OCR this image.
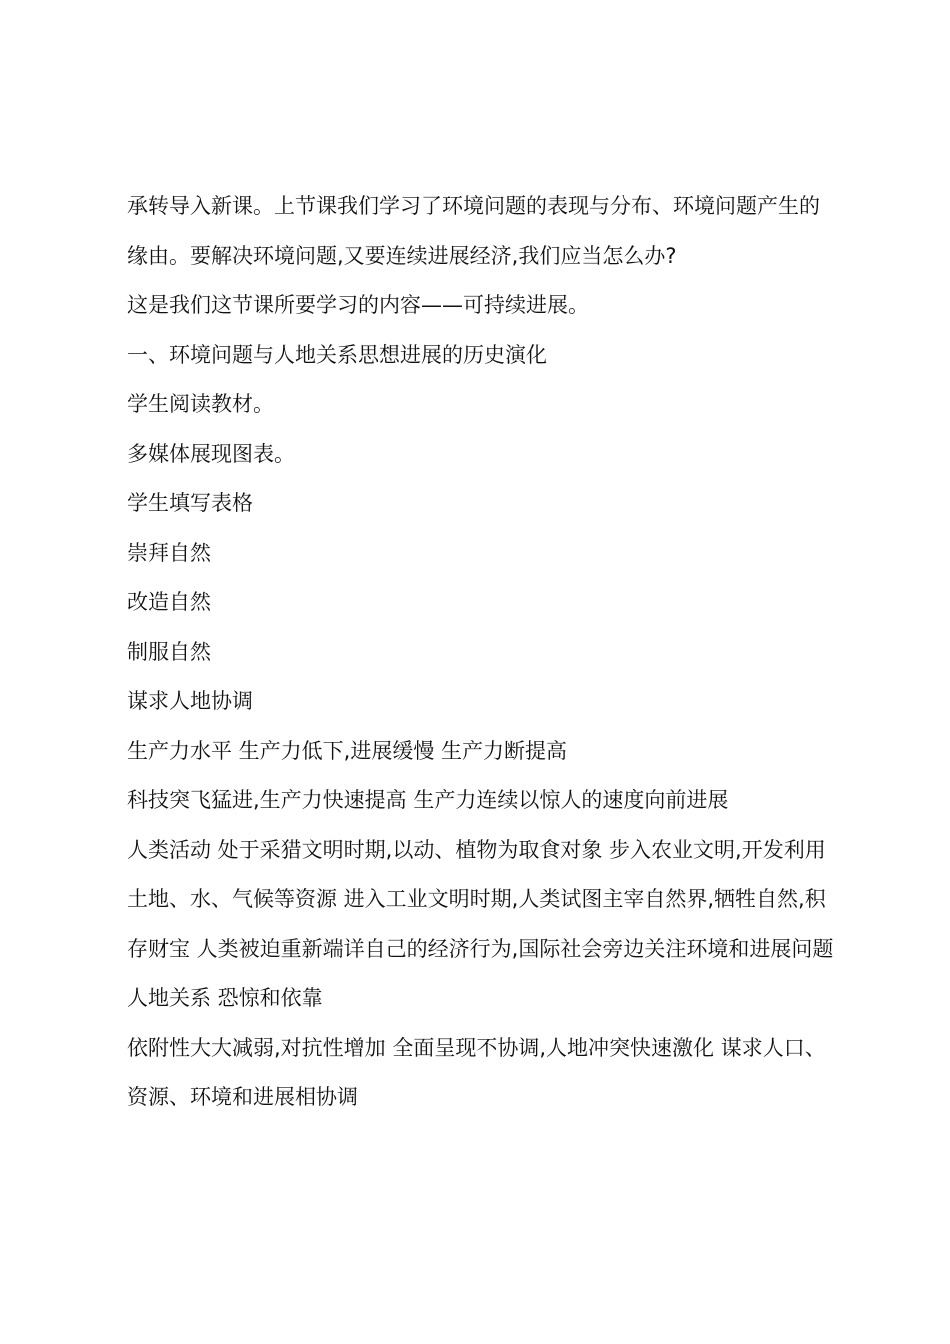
承转导入新课。上节课我们学习了环境问题的表现与分布、环境问题产生的缘由。要解决环境问题,又要连续进展经济,我们应当怎么办?

这是我们这节课所要学习的内容——可持续进展。

一、环境问题与人地关系思想进展的历史演化

学生阅读教材。

多媒体展现图表。

学生填写表格

崇拜自然

改造自然

制服自然

谋求人地协调

生产力水平 生产力低下,进展缓慢 生产力断提高

科技突飞猛进,生产力快速提高 生产力连续以惊人的速度向前进展

人类活动 处于采猎文明时期,以动、植物为取食对象 步入农业文明,开发利用土地、水、气候等资源 进入工业文明时期,人类试图主宰自然界,牺牲自然,积存财宝 人类被迫重新端详自己的经济行为,国际社会旁边关注环境和进展问题

人地关系 恐惊和依靠

依附性大大减弱,对抗性增加 全面呈现不协调,人地冲突快速激化 谋求人口、资源、环境和进展相协调
